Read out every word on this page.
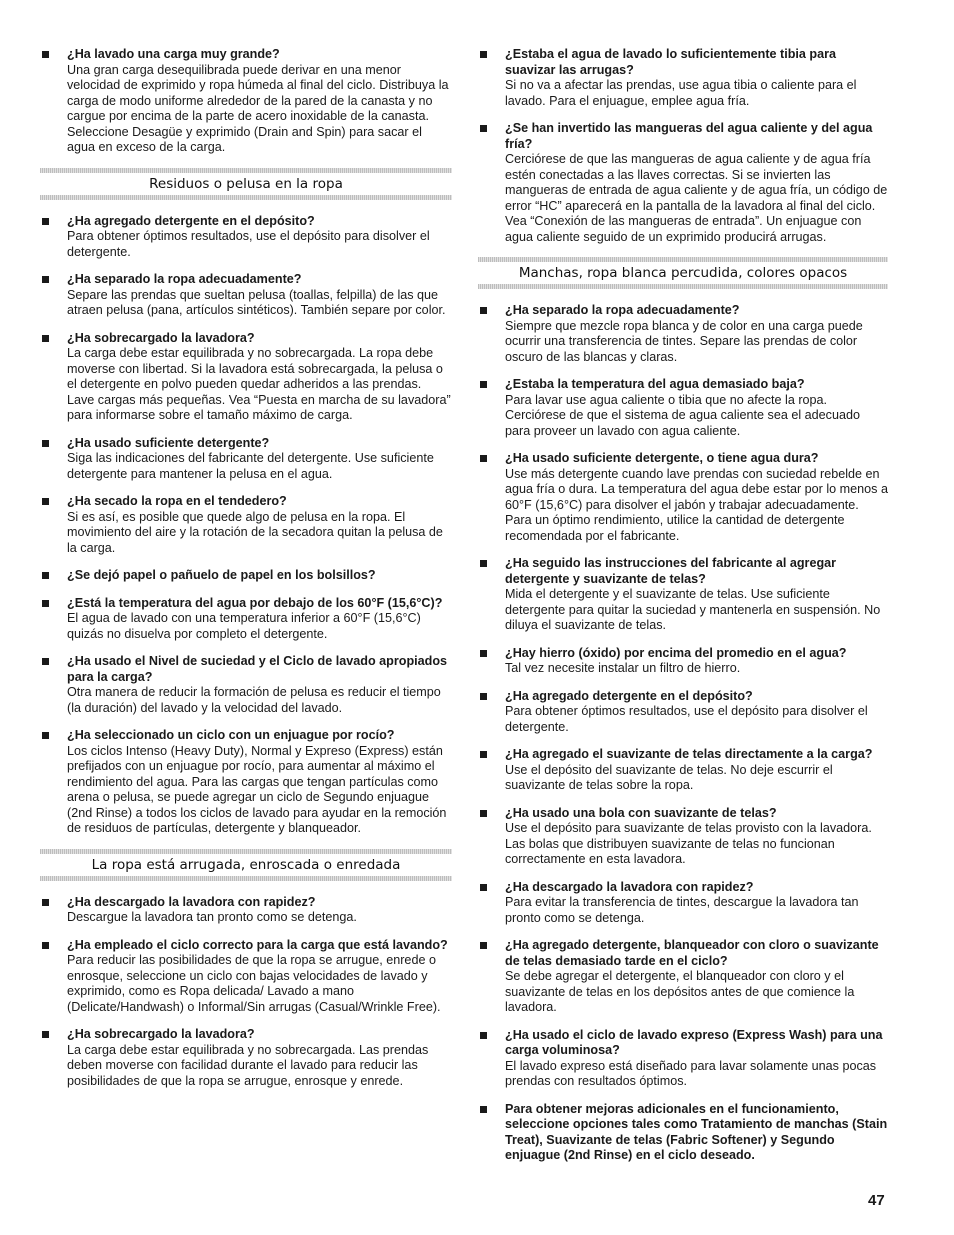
¿Ha lavado una carga muy grande?
Una gran carga desequilibrada puede derivar en una menor velocidad de exprimido y ropa húmeda al final del ciclo. Distribuya la carga de modo uniforme alrededor de la pared de la canasta y no cargue por encima de la parte de acero inoxidable de la canasta. Seleccione Desagüe y exprimido (Drain and Spin) para sacar el agua en exceso de la carga.
Residuos o pelusa en la ropa
¿Ha agregado detergente en el depósito?
Para obtener óptimos resultados, use el depósito para disolver el detergente.
¿Ha separado la ropa adecuadamente?
Separe las prendas que sueltan pelusa (toallas, felpilla) de las que atraen pelusa (pana, artículos sintéticos). También separe por color.
¿Ha sobrecargado la lavadora?
La carga debe estar equilibrada y no sobrecargada. La ropa debe moverse con libertad. Si la lavadora está sobrecargada, la pelusa o el detergente en polvo pueden quedar adheridos a las prendas. Lave cargas más pequeñas. Vea “Puesta en marcha de su lavadora” para informarse sobre el tamaño máximo de carga.
¿Ha usado suficiente detergente?
Siga las indicaciones del fabricante del detergente. Use suficiente detergente para mantener la pelusa en el agua.
¿Ha secado la ropa en el tendedero?
Si es así, es posible que quede algo de pelusa en la ropa. El movimiento del aire y la rotación de la secadora quitan la pelusa de la carga.
¿Se dejó papel o pañuelo de papel en los bolsillos?
¿Está la temperatura del agua por debajo de los 60°F (15,6°C)?
El agua de lavado con una temperatura inferior a 60°F (15,6°C) quizás no disuelva por completo el detergente.
¿Ha usado el Nivel de suciedad y el Ciclo de lavado apropiados para la carga?
Otra manera de reducir la formación de pelusa es reducir el tiempo (la duración) del lavado y la velocidad del lavado.
¿Ha seleccionado un ciclo con un enjuague por rocío?
Los ciclos Intenso (Heavy Duty), Normal y Expreso (Express) están prefijados con un enjuague por rocío, para aumentar al máximo el rendimiento del agua. Para las cargas que tengan partículas como arena o pelusa, se puede agregar un ciclo de Segundo enjuague (2nd Rinse) a todos los ciclos de lavado para ayudar en la remoción de residuos de partículas, detergente y blanqueador.
La ropa está arrugada, enroscada o enredada
¿Ha descargado la lavadora con rapidez?
Descargue la lavadora tan pronto como se detenga.
¿Ha empleado el ciclo correcto para la carga que está lavando?
Para reducir las posibilidades de que la ropa se arrugue, enrede o enrosque, seleccione un ciclo con bajas velocidades de lavado y exprimido, como es Ropa delicada/ Lavado a mano (Delicate/Handwash) o Informal/Sin arrugas (Casual/Wrinkle Free).
¿Ha sobrecargado la lavadora?
La carga debe estar equilibrada y no sobrecargada. Las prendas deben moverse con facilidad durante el lavado para reducir las posibilidades de que la ropa se arrugue, enrosque y enrede.
¿Estaba el agua de lavado lo suficientemente tibia para suavizar las arrugas?
Si no va a afectar las prendas, use agua tibia o caliente para el lavado. Para el enjuague, emplee agua fría.
¿Se han invertido las mangueras del agua caliente y del agua fría?
Cerciórese de que las mangueras de agua caliente y de agua fría estén conectadas a las llaves correctas. Si se invierten las mangueras de entrada de agua caliente y de agua fría, un código de error “HC” aparecerá en la pantalla de la lavadora al final del ciclo. Vea “Conexión de las mangueras de entrada”. Un enjuague con agua caliente seguido de un exprimido producirá arrugas.
Manchas, ropa blanca percudida, colores opacos
¿Ha separado la ropa adecuadamente?
Siempre que mezcle ropa blanca y de color en una carga puede ocurrir una transferencia de tintes. Separe las prendas de color oscuro de las blancas y claras.
¿Estaba la temperatura del agua demasiado baja?
Para lavar use agua caliente o tibia que no afecte la ropa. Cerciórese de que el sistema de agua caliente sea el adecuado para proveer un lavado con agua caliente.
¿Ha usado suficiente detergente, o tiene agua dura?
Use más detergente cuando lave prendas con suciedad rebelde en agua fría o dura. La temperatura del agua debe estar por lo menos a 60°F (15,6°C) para disolver el jabón y trabajar adecuadamente. Para un óptimo rendimiento, utilice la cantidad de detergente recomendada por el fabricante.
¿Ha seguido las instrucciones del fabricante al agregar detergente y suavizante de telas?
Mida el detergente y el suavizante de telas. Use suficiente detergente para quitar la suciedad y mantenerla en suspensión. No diluya el suavizante de telas.
¿Hay hierro (óxido) por encima del promedio en el agua?
Tal vez necesite instalar un filtro de hierro.
¿Ha agregado detergente en el depósito?
Para obtener óptimos resultados, use el depósito para disolver el detergente.
¿Ha agregado el suavizante de telas directamente a la carga?
Use el depósito del suavizante de telas. No deje escurrir el suavizante de telas sobre la ropa.
¿Ha usado una bola con suavizante de telas?
Use el depósito para suavizante de telas provisto con la lavadora. Las bolas que distribuyen suavizante de telas no funcionan correctamente en esta lavadora.
¿Ha descargado la lavadora con rapidez?
Para evitar la transferencia de tintes, descargue la lavadora tan pronto como se detenga.
¿Ha agregado detergente, blanqueador con cloro o suavizante de telas demasiado tarde en el ciclo?
Se debe agregar el detergente, el blanqueador con cloro y el suavizante de telas en los depósitos antes de que comience la lavadora.
¿Ha usado el ciclo de lavado expreso (Express Wash) para una carga voluminosa?
El lavado expreso está diseñado para lavar solamente unas pocas prendas con resultados óptimos.
Para obtener mejoras adicionales en el funcionamiento, seleccione opciones tales como Tratamiento de manchas (Stain Treat), Suavizante de telas (Fabric Softener) y Segundo enjuague (2nd Rinse) en el ciclo deseado.
47
